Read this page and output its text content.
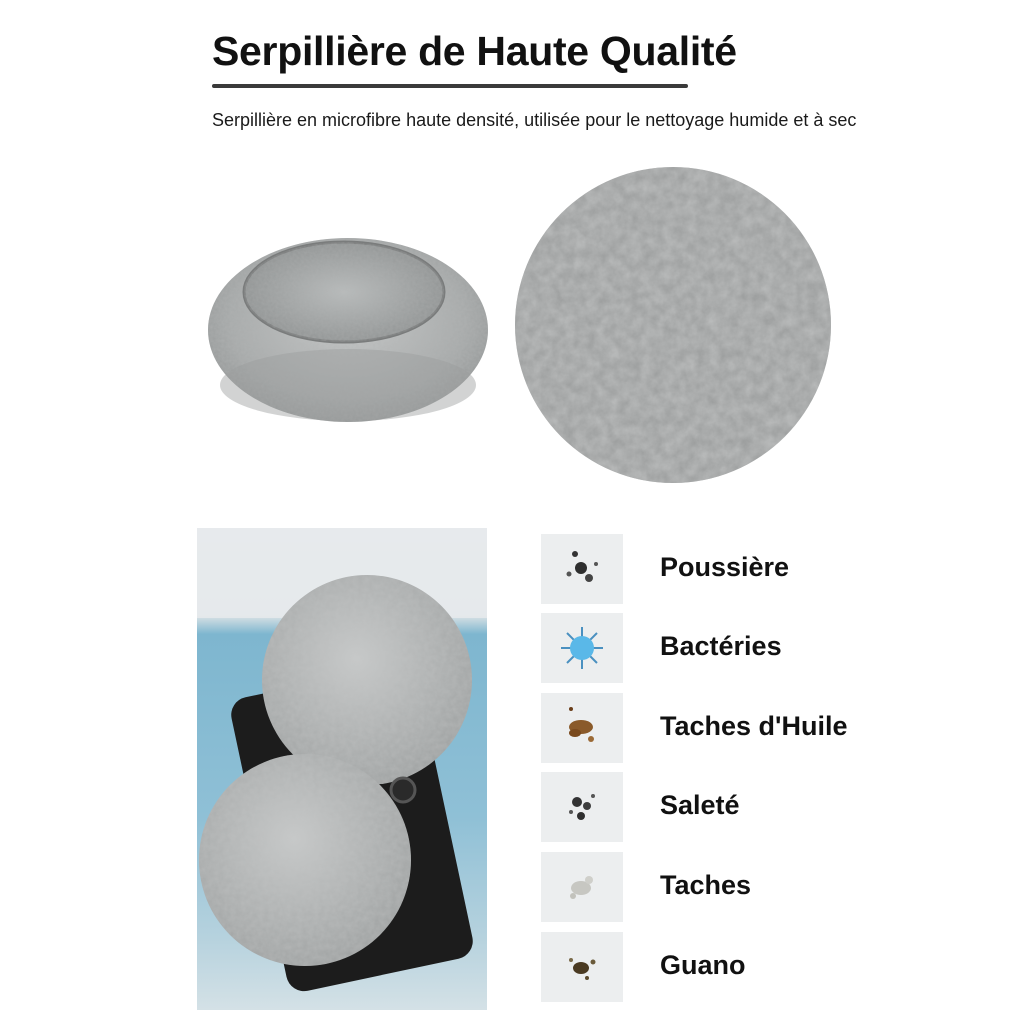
Serpillière de Haute Qualité
Serpillière en microfibre haute densité, utilisée pour le nettoyage humide et à sec
Poussière
Bactéries
Taches d'Huile
Saleté
Taches
Guano
